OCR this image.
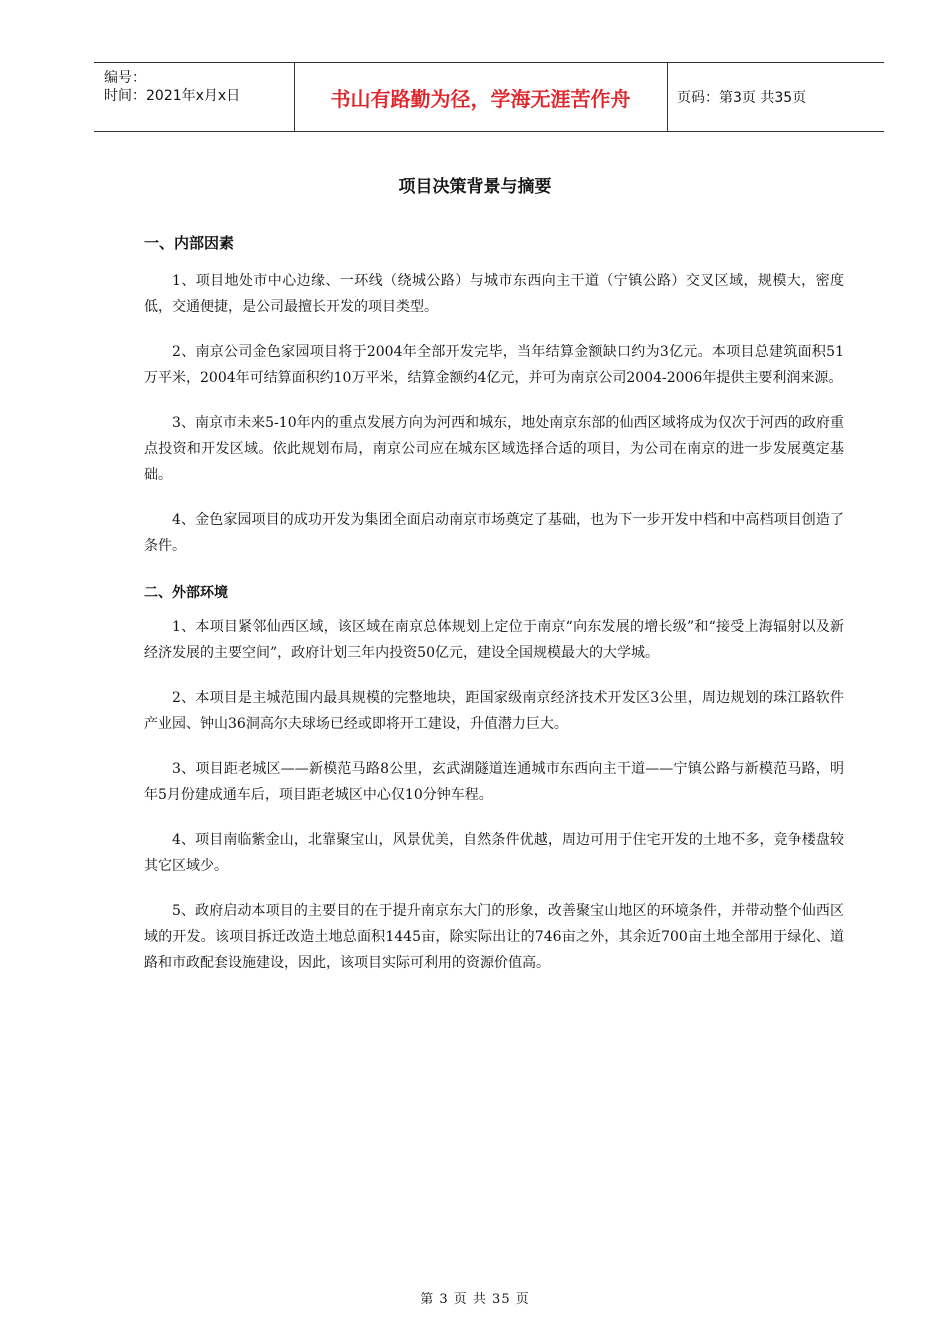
编号：
时间：2021年x月x日	书山有路勤为径，学海无涯苦作舟	页码：第3页 共35页
项目决策背景与摘要
一、内部因素

1、项目地处市中心边缘、一环线（绕城公路）与城市东西向主干道（宁镇公路）交叉区域，规模大，密度低，交通便捷，是公司最擅长开发的项目类型。

2、南京公司金色家园项目将于2004年全部开发完毕，当年结算金额缺口约为3亿元。本项目总建筑面积51万平米，2004年可结算面积约10万平米，结算金额约4亿元，并可为南京公司2004-2006年提供主要利润来源。

3、南京市未来5-10年内的重点发展方向为河西和城东，地处南京东部的仙西区域将成为仅次于河西的政府重点投资和开发区域。依此规划布局，南京公司应在城东区域选择合适的项目，为公司在南京的进一步发展奠定基础。

4、金色家园项目的成功开发为集团全面启动南京市场奠定了基础，也为下一步开发中档和中高档项目创造了条件。

二、外部环境

1、本项目紧邻仙西区域，该区域在南京总体规划上定位于南京“向东发展的增长级”和“接受上海辐射以及新经济发展的主要空间”，政府计划三年内投资50亿元，建设全国规模最大的大学城。

2、本项目是主城范围内最具规模的完整地块，距国家级南京经济技术开发区3公里，周边规划的珠江路软件产业园、钟山36洞高尔夫球场已经或即将开工建设，升值潜力巨大。

3、项目距老城区——新模范马路8公里，玄武湖隧道连通城市东西向主干道——宁镇公路与新模范马路，明年5月份建成通车后，项目距老城区中心仅10分钟车程。

4、项目南临紫金山，北靠聚宝山，风景优美，自然条件优越，周边可用于住宅开发的土地不多，竞争楼盘较其它区域少。

5、政府启动本项目的主要目的在于提升南京东大门的形象，改善聚宝山地区的环境条件，并带动整个仙西区域的开发。该项目拆迁改造土地总面积1445亩，除实际出让的746亩之外，其余近700亩土地全部用于绿化、道路和市政配套设施建设，因此，该项目实际可利用的资源价值高。

第 3 页 共 35 页
